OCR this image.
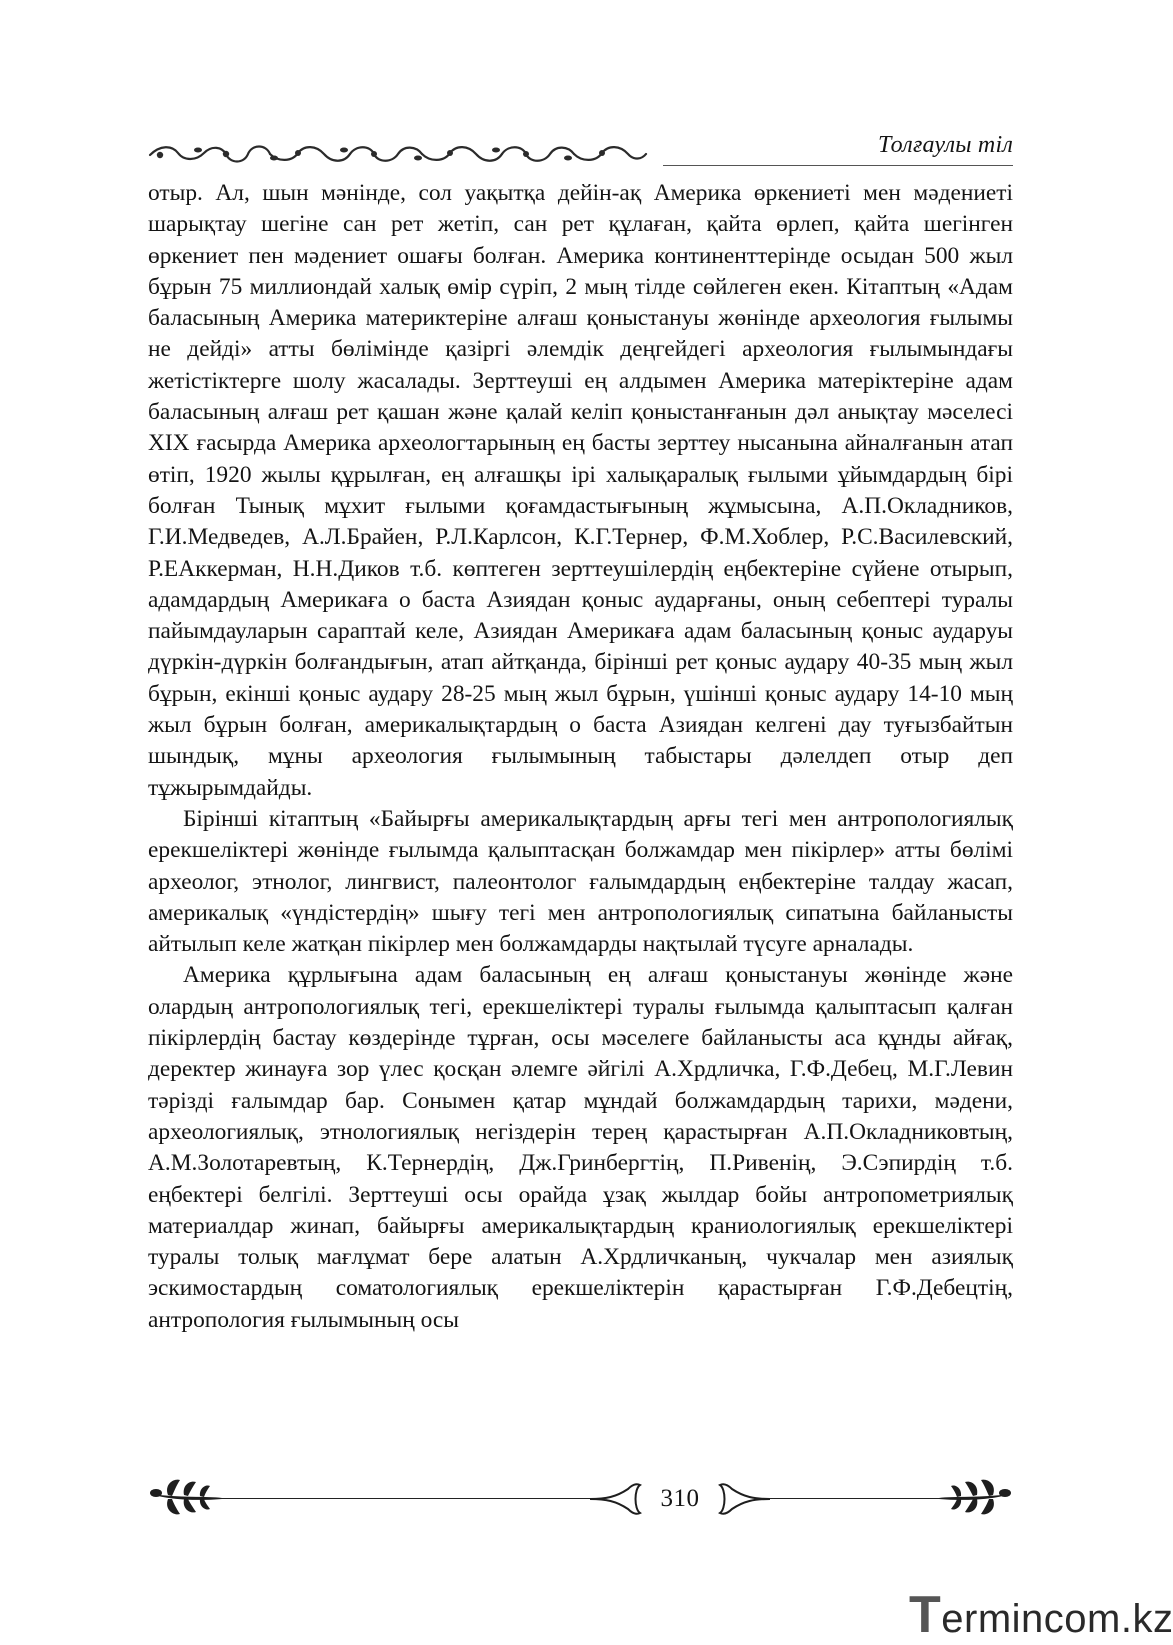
Толғаулы тіл

отыр. Ал, шын мәнінде, сол уақытқа дейін-ақ Америка өркениеті мен мәдениеті шарықтау шегіне сан рет жетіп, сан рет құлаған, қайта өрлеп, қайта шегінген өркениет пен мәдениет ошағы болған. Америка континенттерінде осыдан 500 жыл бұрын 75 миллиондай халық өмір сүріп, 2 мың тілде сөйлеген екен. Кітаптың «Адам баласының Америка материктеріне алғаш қоныстануы жөнінде археология ғылымы не дейді» атты бөлімінде қазіргі әлемдік деңгейдегі археология ғылымындағы жетістіктерге шолу жасалады. Зерттеуші ең алдымен Америка матеріктеріне адам баласының алғаш рет қашан және қалай келіп қоныстанғанын дәл анықтау мәселесі XIX ғасырда Америка археологтарының ең басты зерттеу нысанына айналғанын атап өтіп, 1920 жылы құрылған, ең алғашқы ірі халықаралық ғылыми ұйымдардың бірі болған Тынық мұхит ғылыми қоғамдастығының жұмысына, А.П.Окладников, Г.И.Медведев, А.Л.Брайен, Р.Л.Карлсон, К.Г.Тернер, Ф.М.Хоблер, Р.С.Василевский, Р.ЕАккерман, Н.Н.Диков т.б. көптеген зерттеушілердің еңбектеріне сүйене отырып, адамдардың Америкаға о баста Азиядан қоныс аударғаны, оның себептері туралы пайымдауларын сараптай келе, Азиядан Америкаға адам баласының қоныс аударуы дүркін-дүркін болғандығын, атап айтқанда, бірінші рет қоныс аудару 40-35 мың жыл бұрын, екінші қоныс аудару 28-25 мың жыл бұрын, үшінші қоныс аудару 14-10 мың жыл бұрын болған, америкалықтардың о баста Азиядан келгені дау туғызбайтын шындық, мұны археология ғылымының табыстары дәлелдеп отыр деп тұжырымдайды.

Бірінші кітаптың «Байырғы америкалықтардың арғы тегі мен антропологиялық ерекшеліктері жөнінде ғылымда қалыптасқан болжамдар мен пікірлер» атты бөлімі археолог, этнолог, лингвист, палеонтолог ғалымдардың еңбектеріне талдау жасап, америкалық «үндістердің» шығу тегі мен антропологиялық сипатына байланысты айтылып келе жатқан пікірлер мен болжамдарды нақтылай түсуге арналады.

Америка құрлығына адам баласының ең алғаш қоныстануы жөнінде және олардың антропологиялық тегі, ерекшеліктері туралы ғылымда қалыптасып қалған пікірлердің бастау көздерінде тұрған, осы мәселеге байланысты аса құнды айғақ, деректер жинауға зор үлес қосқан әлемге әйгілі А.Хрдличка, Г.Ф.Дебец, М.Г.Левин тәрізді ғалымдар бар. Сонымен қатар мұндай болжамдардың тарихи, мәдени, археологиялық, этнологиялық негіздерін терең қарастырған А.П.Окладниковтың, А.М.Золотаревтың, К.Тернердің, Дж.Гринбергтің, П.Ривенің, Э.Сэпирдің т.б. еңбектері белгілі. Зерттеуші осы орайда ұзақ жылдар бойы антропометриялық материалдар жинап, байырғы америкалықтардың краниологиялық ерекшеліктері туралы толық мағлұмат бере алатын А.Хрдличканың, чукчалар мен азиялық эскимостардың соматологиялық ерекшеліктерін қарастырған Г.Ф.Дебецтің, антропология ғылымының осы

310
Termincom.kz
